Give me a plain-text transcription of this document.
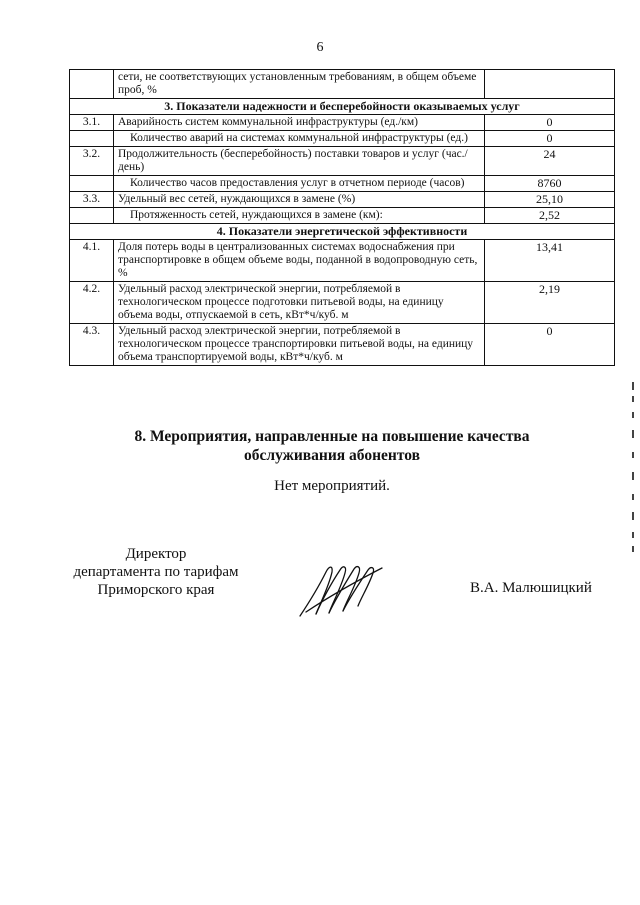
6
	сети, не соответствующих установленным требованиям, в общем объеме проб, %	
3. Показатели надежности и бесперебойности оказываемых услуг		
3.1.	Аварийность систем коммунальной инфраструктуры (ед./км)	0
	Количество аварий на системах коммунальной инфраструктуры (ед.)	0
3.2.	Продолжительность (бесперебойность) поставки товаров и услуг (час./день)	24
	Количество часов предоставления услуг в отчетном периоде (часов)	8760
3.3.	Удельный вес сетей, нуждающихся в замене (%)	25,10
	Протяженность сетей, нуждающихся в замене (км):	2,52
4. Показатели энергетической эффективности		
4.1.	Доля потерь воды в централизованных системах водоснабжения при транспортировке в общем объеме воды, поданной в водопроводную сеть, %	13,41
4.2.	Удельный расход электрической энергии, потребляемой в технологическом процессе подготовки питьевой воды, на единицу объема воды, отпускаемой в сеть, кВт*ч/куб. м	2,19
4.3.	Удельный расход электрической энергии, потребляемой в технологическом процессе транспортировки питьевой воды, на единицу объема транспортируемой воды, кВт*ч/куб. м	0
8. Мероприятия, направленные на повышение качества
обслуживания абонентов
Нет мероприятий.
Директор
департамента по тарифам
Приморского края	В.А. Малюшицкий
